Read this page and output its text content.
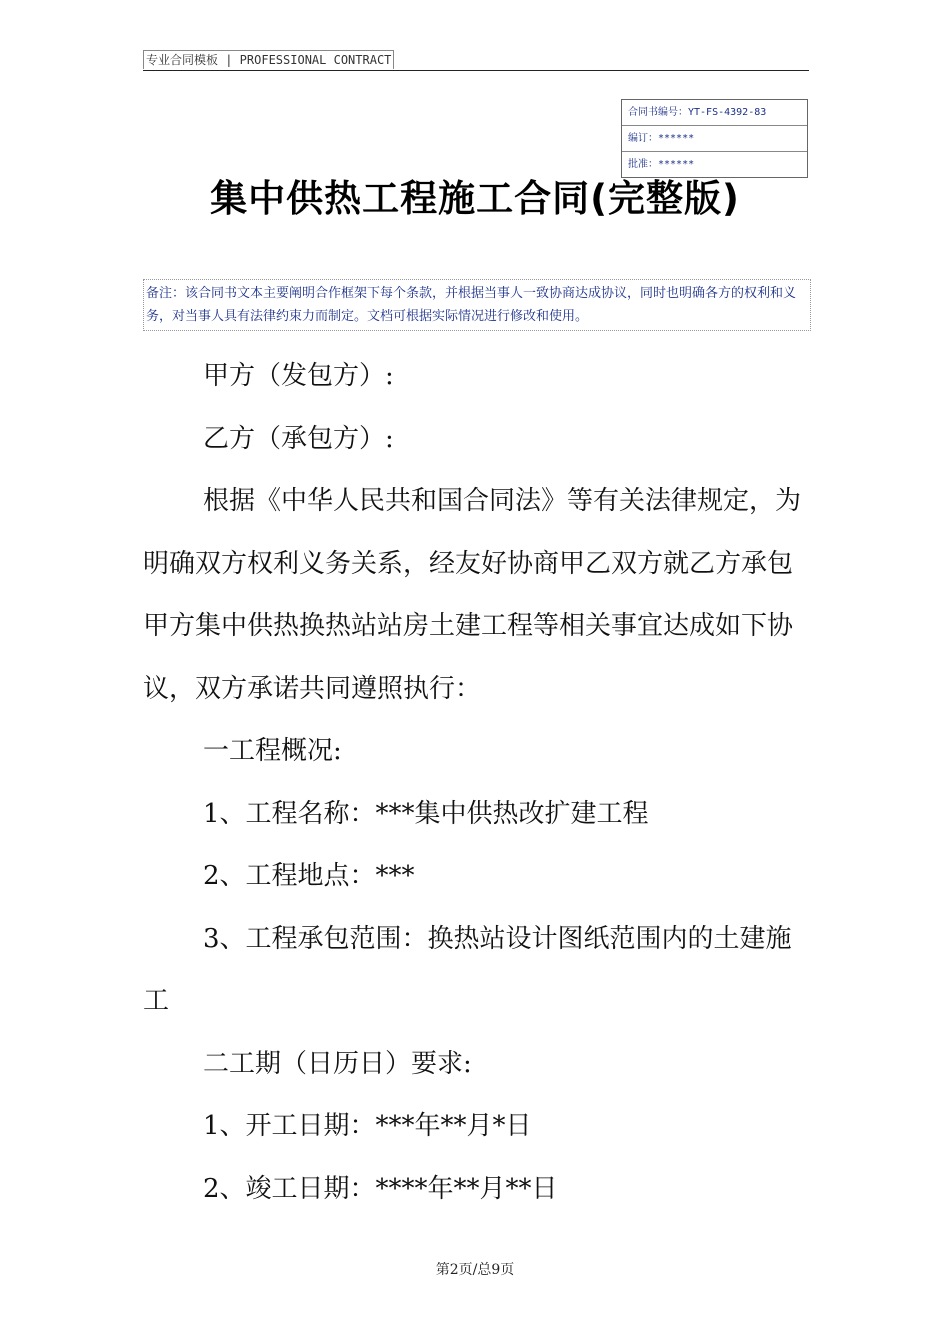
专业合同模板 | PROFESSIONAL CONTRACT
合同书编号：YT-FS-4392-83
编订：******
批准：******
集中供热工程施工合同(完整版)
备注：该合同书文本主要阐明合作框架下每个条款，并根据当事人一致协商达成协议，同时也明确各方的权利和义务，对当事人具有法律约束力而制定。文档可根据实际情况进行修改和使用。

甲方（发包方）:

乙方（承包方）:

根据《中华人民共和国合同法》等有关法律规定，为明确双方权利义务关系，经友好协商甲乙双方就乙方承包甲方集中供热换热站站房土建工程等相关事宜达成如下协议，双方承诺共同遵照执行：

一工程概况:

1、工程名称：***集中供热改扩建工程

2、工程地点：***

3、工程承包范围：换热站设计图纸范围内的土建施工

二工期（日历日）要求:

1、开工日期：***年**月*日

2、竣工日期：****年**月**日

第2页/总9页
